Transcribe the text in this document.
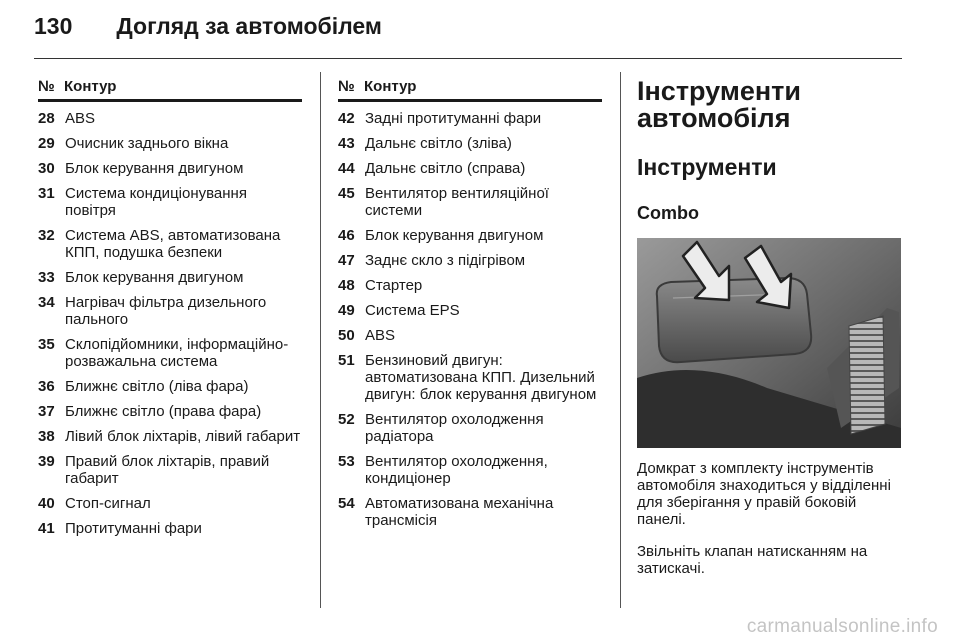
130 Догляд за автомобілем
№ Контур
28 ABS
29 Очисник заднього вікна
30 Блок керування двигуном
31 Система кондиціонування повітря
32 Система ABS, автоматизована КПП, подушка безпеки
33 Блок керування двигуном
34 Нагрівач фільтра дизельного пального
35 Склопідйомники, інформаційно-розважальна система
36 Ближнє світло (ліва фара)
37 Ближнє світло (права фара)
38 Лівий блок ліхтарів, лівий габарит
39 Правий блок ліхтарів, правий габарит
40 Стоп-сигнал
41 Протитуманні фари
№ Контур
42 Задні протитуманні фари
43 Дальнє світло (зліва)
44 Дальнє світло (справа)
45 Вентилятор вентиляційної системи
46 Блок керування двигуном
47 Заднє скло з підігрівом
48 Стартер
49 Система EPS
50 ABS
51 Бензиновий двигун: автоматизована КПП. Дизельний двигун: блок керування двигуном
52 Вентилятор охолодження радіатора
53 Вентилятор охолодження, кондиціонер
54 Автоматизована механічна трансмісія
Інструменти автомобіля
Інструменти
Combo

Домкрат з комплекту інструментів автомобіля знаходиться у відділенні для зберігання у правій боковій панелі.

Звільніть клапан натисканням на затискачі.

carmanualsonline.info
